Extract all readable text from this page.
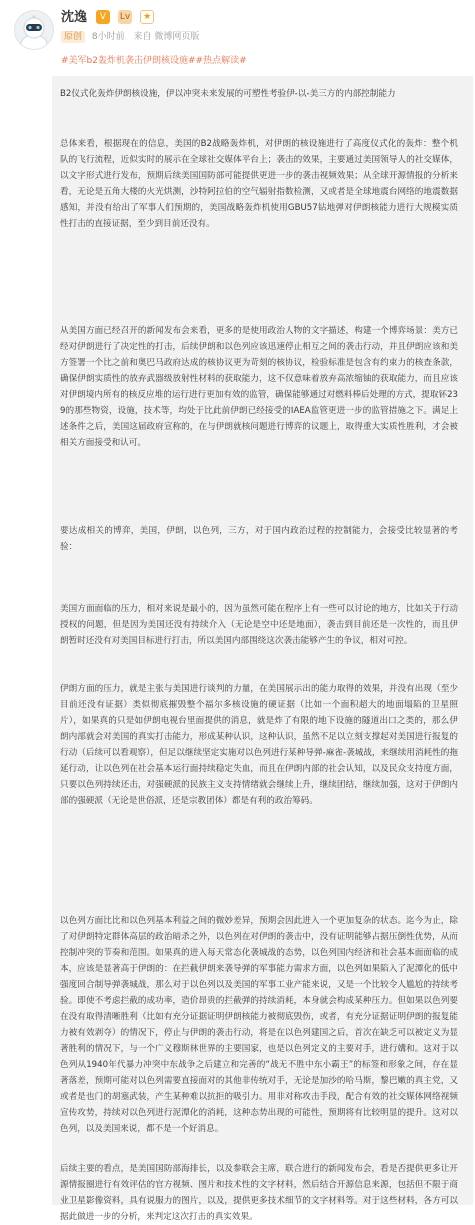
沈逸	V Lv ★
原创 8小时前 来自 微博网页版
#美军b2轰炸机袭击伊朗核设施##热点解读#

B2仪式化轰炸伊朗核设施，伊以冲突未来发展的可塑性考验伊-以-美三方的内部控制能力

总体来看，根据现在的信息，美国的B2战略轰炸机，对伊朗的核设施进行了高度仪式化的轰炸：整个机队的飞行流程，近似实时的展示在全球社交媒体平台上；袭击的效果，主要通过美国领导人的社交媒体，以文字形式进行发布，预期后续美国国防部可能提供更进一步的袭击视频效果；从全球开源情报的分析来看，无论是五角大楼的火光烘测，沙特阿拉伯的空气辐射指数检测，又或者是全球地震台网络的地震数据感知，并没有给出了军事人们预期的，美国战略轰炸机使用GBU57钻地弹对伊朗核能力进行大规模实质性打击的直接证据，至少到目前还没有。

从美国方面已经召开的新闻发布会来看，更多的是使用政治人物的文字描述，构建一个博弈场景：美方已经对伊朗进行了决定性的打击，后续伊朗和以色列应该迅速停止相互之间的袭击行动，并且伊朗应该和美方签署一个比之前和奥巴马政府达成的核协议更为苛刻的核协议，检验标准是包含有约束力的核查条款，确保伊朗实质性的放弃武器级放射性材料的获取能力，这不仅意味着放弃高浓缩铀的获取能力，而且应该对伊朗境内所有的核反应堆的运行进行更加有效的监管，确保能够通过对燃料棒后处理的方式，提取钚239的那些物资，设施，技术等，均处于比此前伊朗已经接受的IAEA监管更进一步的监管措施之下。满足上述条件之后，美国这届政府宣称的，在与伊朗就核问题进行博弈的议题上，取得重大实质性胜利，才会被相关方面接受和认可。

要达成相关的博弈，美国，伊朗，以色列，三方，对于国内政治过程的控制能力，会接受比较显著的考验：

美国方面面临的压力，相对来说是最小的，因为虽然可能在程序上有一些可以讨论的地方，比如关于行动授权的问题，但是因为美国还没有持续介入（无论是空中还是地面），袭击到目前还是一次性的，而且伊朗暂时还没有对美国目标进行打击，所以美国内部围绕这次袭击能够产生的争议，相对可控。

伊朗方面的压力，就是主张与美国进行谈判的力量，在美国展示出的能力取得的效果，并没有出现（至少目前还没有证据）类似彻底摧毁整个福尔多核设施的硬证据（比如一个面积超大的地面塌陷的卫星照片），如果真的只是如伊朗电视台里面提供的消息，就是炸了有限的地下设施的隧道出口之类的，那么伊朗内部就会对美国的真实打击能力，形成某种认识，这种认识，虽然不足以立刻支撑起对美国进行报复的行动（后续可以看观察），但足以继续坚定实施对以色列进行某种导弹-麻雀-袭城战，来继续用消耗性的拖延行动，让以色列在社会基本运行面持续稳定失血，而且在伊朗内部的社会认知，以及民众支持度方面，只要以色列持续还击，对强硬派的民族主义支持情绪就会继续上升，继续团结，继续加强，这对于伊朗内部的强硬派（无论是世俗派，还是宗教团体）都是有利的政治筹码。

以色列方面比比和以色列基本利益之间的微妙差异，预期会因此进入一个更加复杂的状态。迄今为止，除了对伊朗特定群体高层的政治暗杀之外，以色列在对伊朗的袭击中，没有证明能够占据压倒性优势，从而控制冲突的节奏和范围。如果真的进入每天常态化袭城战的态势，以色列国内经济和社会基本面面临的成本，应该是显著高于伊朗的：在拦截伊朗来袭导弹的军事能力需求方面，以色列如果陷入了泥潭化的低中强度回合制导弹袭城战，那么对于以色列以及美国的军事工业产能来说，又是一个比较令人尴尬的持续考验。即使不考虑拦截的成功率，造价昂贵的拦截弹的持续消耗，本身就会构成某种压力。但如果以色列要在没有取得清晰胜利（比如有充分证据证明伊朗核能力被彻底毁伤，或者，有充分证据证明伊朗的报复能力被有效剥夺）的情况下，停止与伊朗的袭击行动，将是在以色列建国之后，首次在缺乏可以被定义为显著胜利的情况下，与一个广义穆斯林世界的主要国家，也是以色列定义的主要对手，进行媾和。这对于以色列从1940年代暴力冲突中东战争之后建立和完善的“战无不胜中东小霸王”的标签和形象之间，存在显著落差，预期可能对以色列需要直接面对的其他非传统对手，无论是加沙的哈马斯，黎巴嫩的真主党，又或者是也门的胡塞武装，产生某种难以抗拒的吸引力。用非对称攻击手段，配合有效的社交媒体网络视频宣传攻势，持续对以色列进行泥潭化的消耗，这种态势出现的可能性，预期将有比较明显的提升。这对以色列，以及美国来说，都不是一个好消息。

后续主要的看点，是美国国防部海排长，以及参联会主席，联合进行的新闻发布会，看是否提供更多让开源情报圈进行有效评估的官方视频、图片和技术性的文字材料，然后结合开源信息来源，包括但不限于商业卫星影像资料，具有说服力的图片，以及，提供更多技术细节的文字材料等。对于这些材料，各方可以据此做进一步的分析，来判定这次打击的真实效果。
